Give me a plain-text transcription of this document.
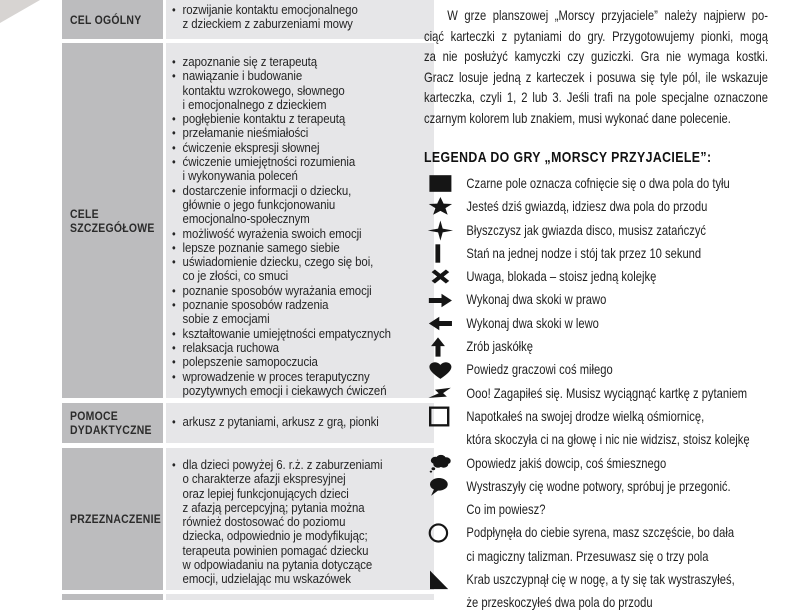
CEL OGÓLNY
• rozwijanie kontaktu emocjonalnego
z dzieckiem z zaburzeniami mowy
CELE SZCZEGÓŁOWE
• zapoznanie się z terapeutą
• nawiązanie i budowanie
kontaktu wzrokowego, słownego
i emocjonalnego z dzieckiem
• pogłębienie kontaktu z terapeutą
• przełamanie nieśmiałości
• ćwiczenie ekspresji słownej
• ćwiczenie umiejętności rozumienia
i wykonywania poleceń
• dostarczenie informacji o dziecku,
głównie o jego funkcjonowaniu
emocjonalno-społecznym
• możliwość wyrażenia swoich emocji
• lepsze poznanie samego siebie
• uświadomienie dziecku, czego się boi,
co je złości, co smuci
• poznanie sposobów wyrażania emocji
• poznanie sposobów radzenia
sobie z emocjami
• kształtowanie umiejętności empatycznych
• relaksacja ruchowa
• polepszenie samopoczucia
• wprowadzenie w proces teraputyczny
pozytywnych emocji i ciekawych ćwiczeń
POMOCE DYDAKTYCZNE
• arkusz z pytaniami, arkusz z grą, pionki
PRZEZNACZENIE
• dla dzieci powyżej 6. r.ż. z zaburzeniami
o charakterze afazji ekspresyjnej
oraz lepiej funkcjonujących dzieci
z afazją percepcyjną; pytania można
również dostosować do poziomu
dziecka, odpowiednio je modyfikując;
terapeuta powinien pomagać dziecku
w odpowiadaniu na pytania dotyczące
emocji, udzielając mu wskazówek
W grze planszowej „Morscy przyjaciele” należy najpierw po-
ciąć karteczki z pytaniami do gry. Przygotowujemy pionki, mogą
za nie posłużyć kamyczki czy guziczki. Gra nie wymaga kostki.
Gracz losuje jedną z karteczek i posuwa się tyle pól, ile wskazuje
karteczka, czyli 1, 2 lub 3. Jeśli trafi na pole specjalne oznaczone
czarnym kolorem lub znakiem, musi wykonać dane polecenie.
LEGENDA DO GRY „MORSCY PRZYJACIELE”:
Czarne pole oznacza cofnięcie się o dwa pola do tyłu
Jesteś dziś gwiazdą, idziesz dwa pola do przodu
Błyszczysz jak gwiazda disco, musisz zatańczyć
Stań na jednej nodze i stój tak przez 10 sekund
Uwaga, blokada – stoisz jedną kolejkę
Wykonaj dwa skoki w prawo
Wykonaj dwa skoki w lewo
Zrób jaskółkę
Powiedz graczowi coś miłego
Ooo! Zagapiłeś się. Musisz wyciągnąć kartkę z pytaniem
Napotkałeś na swojej drodze wielką ośmiornicę,
która skoczyła ci na głowę i nic nie widzisz, stoisz kolejkę
Opowiedz jakiś dowcip, coś śmiesznego
Wystraszyły cię wodne potwory, spróbuj je przegonić.
Co im powiesz?
Podpłynęła do ciebie syrena, masz szczęście, bo dała
ci magiczny talizman. Przesuwasz się o trzy pola
Krab uszczypnął cię w nogę, a ty się tak wystraszyłeś,
że przeskoczyłeś dwa pola do przodu
